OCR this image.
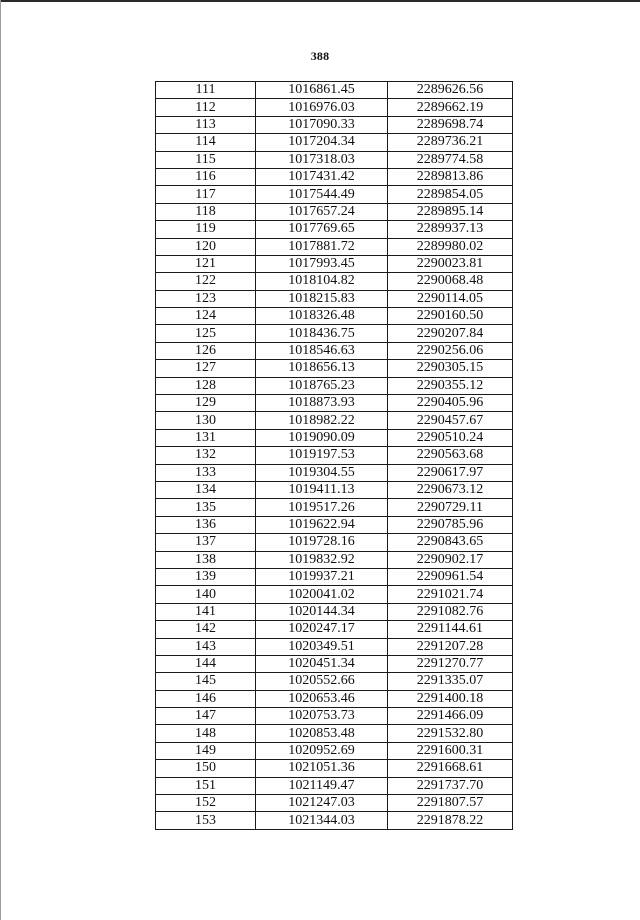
388
111	1016861.45	2289626.56
112	1016976.03	2289662.19
113	1017090.33	2289698.74
114	1017204.34	2289736.21
115	1017318.03	2289774.58
116	1017431.42	2289813.86
117	1017544.49	2289854.05
118	1017657.24	2289895.14
119	1017769.65	2289937.13
120	1017881.72	2289980.02
121	1017993.45	2290023.81
122	1018104.82	2290068.48
123	1018215.83	2290114.05
124	1018326.48	2290160.50
125	1018436.75	2290207.84
126	1018546.63	2290256.06
127	1018656.13	2290305.15
128	1018765.23	2290355.12
129	1018873.93	2290405.96
130	1018982.22	2290457.67
131	1019090.09	2290510.24
132	1019197.53	2290563.68
133	1019304.55	2290617.97
134	1019411.13	2290673.12
135	1019517.26	2290729.11
136	1019622.94	2290785.96
137	1019728.16	2290843.65
138	1019832.92	2290902.17
139	1019937.21	2290961.54
140	1020041.02	2291021.74
141	1020144.34	2291082.76
142	1020247.17	2291144.61
143	1020349.51	2291207.28
144	1020451.34	2291270.77
145	1020552.66	2291335.07
146	1020653.46	2291400.18
147	1020753.73	2291466.09
148	1020853.48	2291532.80
149	1020952.69	2291600.31
150	1021051.36	2291668.61
151	1021149.47	2291737.70
152	1021247.03	2291807.57
153	1021344.03	2291878.22
